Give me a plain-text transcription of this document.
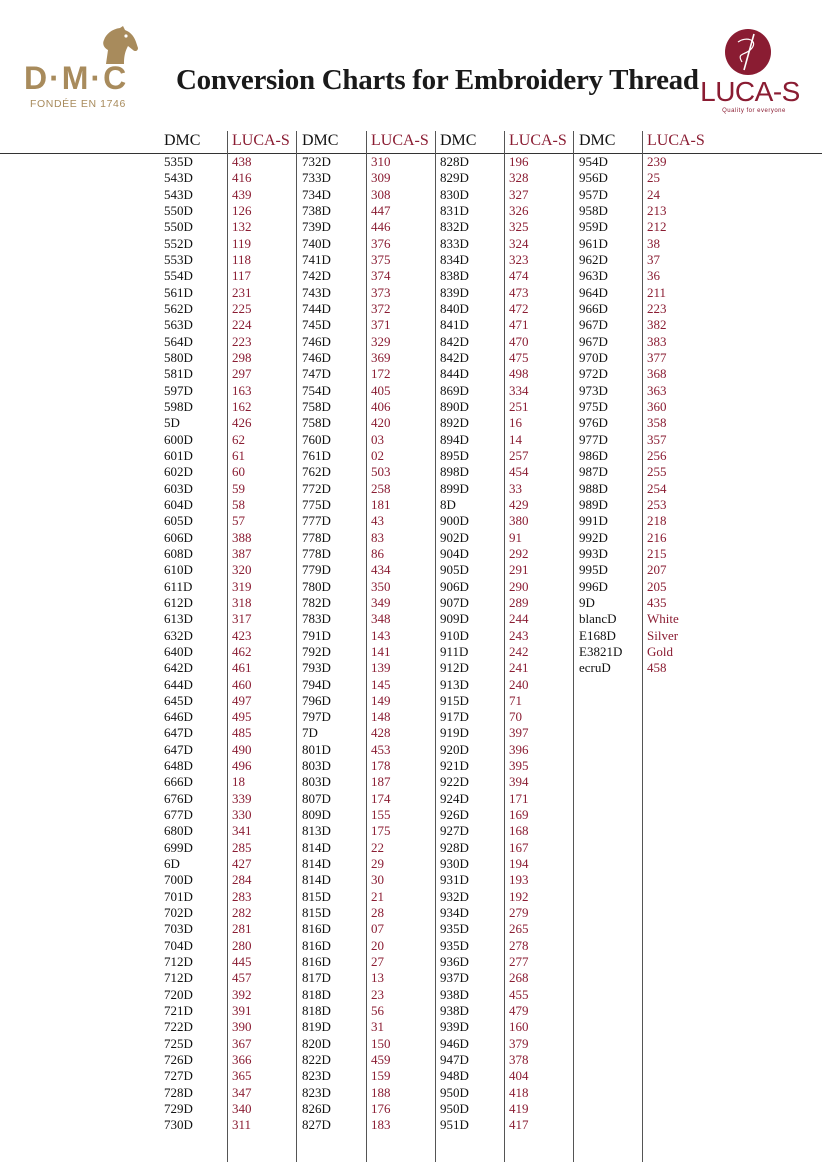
D·M·C
FONDÉE EN 1746
Conversion Charts for Embroidery Thread LUCA-S
Quality for everyone
DMC LUCA-S DMC LUCA-S DMC LUCA-S DMC LUCA-S
535D
543D
543D
550D
550D
552D
553D
554D
561D
562D
563D
564D
580D
581D
597D
598D
5D
600D
601D
602D
603D
604D
605D
606D
608D
610D
611D
612D
613D
632D
640D
642D
644D
645D
646D
647D
647D
648D
666D
676D
677D
680D
699D
6D
700D
701D
702D
703D
704D
712D
712D
720D
721D
722D
725D
726D
727D
728D
729D
730D
438
416
439
126
132
119
118
117
231
225
224
223
298
297
163
162
426
62
61
60
59
58
57
388
387
320
319
318
317
423
462
461
460
497
495
485
490
496
18
339
330
341
285
427
284
283
282
281
280
445
457
392
391
390
367
366
365
347
340
311
732D
733D
734D
738D
739D
740D
741D
742D
743D
744D
745D
746D
746D
747D
754D
758D
758D
760D
761D
762D
772D
775D
777D
778D
778D
779D
780D
782D
783D
791D
792D
793D
794D
796D
797D
7D
801D
803D
803D
807D
809D
813D
814D
814D
814D
815D
815D
816D
816D
816D
817D
818D
818D
819D
820D
822D
823D
823D
826D
827D
310
309
308
447
446
376
375
374
373
372
371
329
369
172
405
406
420
03
02
503
258
181
43
83
86
434
350
349
348
143
141
139
145
149
148
428
453
178
187
174
155
175
22
29
30
21
28
07
20
27
13
23
56
31
150
459
159
188
176
183
828D
829D
830D
831D
832D
833D
834D
838D
839D
840D
841D
842D
842D
844D
869D
890D
892D
894D
895D
898D
899D
8D
900D
902D
904D
905D
906D
907D
909D
910D
911D
912D
913D
915D
917D
919D
920D
921D
922D
924D
926D
927D
928D
930D
931D
932D
934D
935D
935D
936D
937D
938D
938D
939D
946D
947D
948D
950D
950D
951D
196
328
327
326
325
324
323
474
473
472
471
470
475
498
334
251
16
14
257
454
33
429
380
91
292
291
290
289
244
243
242
241
240
71
70
397
396
395
394
171
169
168
167
194
193
192
279
265
278
277
268
455
479
160
379
378
404
418
419
417
954D
956D
957D
958D
959D
961D
962D
963D
964D
966D
967D
967D
970D
972D
973D
975D
976D
977D
986D
987D
988D
989D
991D
992D
993D
995D
996D
9D
blancD
E168D
E3821D
ecruD
239
25
24
213
212
38
37
36
211
223
382
383
377
368
363
360
358
357
256
255
254
253
218
216
215
207
205
435
White
Silver
Gold
458
